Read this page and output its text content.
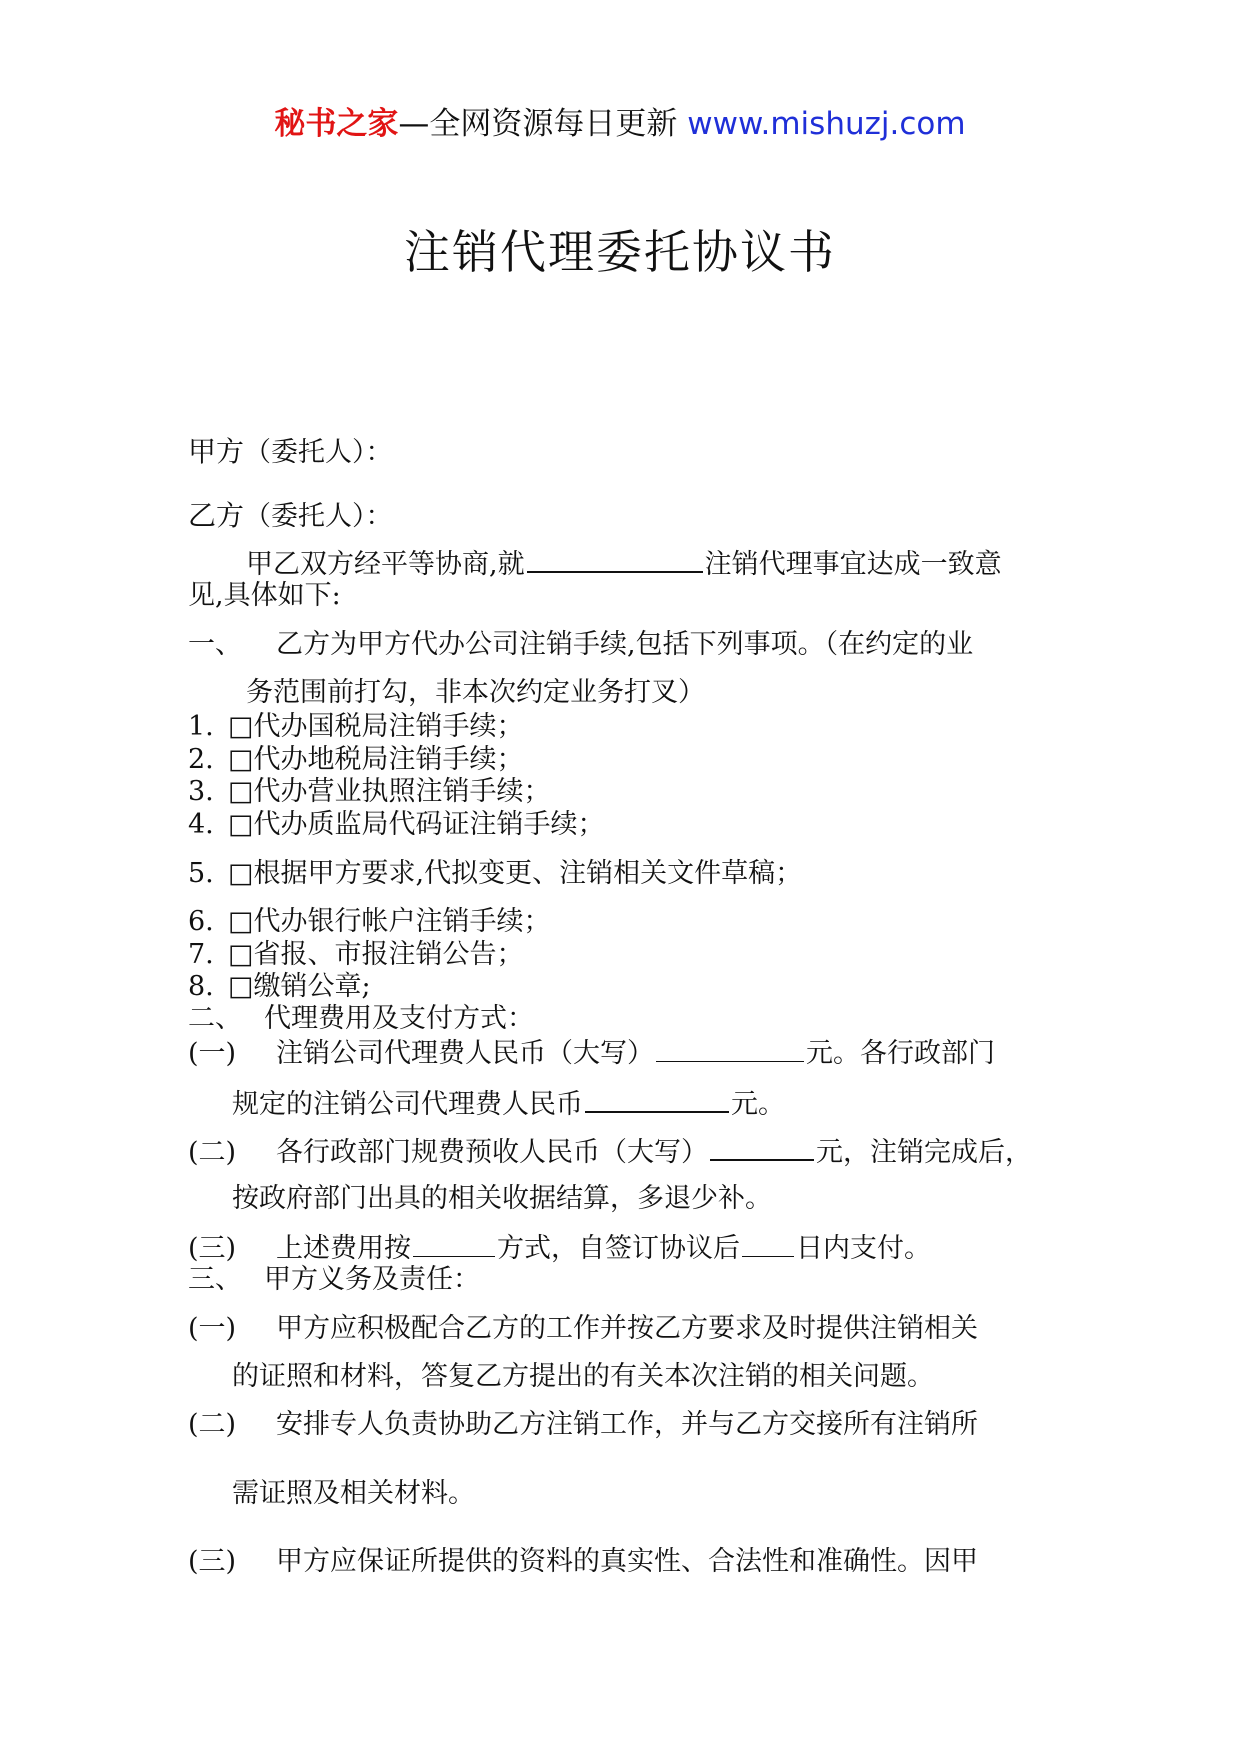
秘书之家—全网资源每日更新 www.mishuzj.com
注销代理委托协议书
甲方（委托人）：
乙方（委托人）：
甲乙双方经平等协商,就	注销代理事宜达成一致意
见,具体如下:
一、 乙方为甲方代办公司注销手续,包括下列事项。（在约定的业
务范围前打勾，非本次约定业务打叉）
1. □代办国税局注销手续；
2. □代办地税局注销手续；
3. □代办营业执照注销手续；
4. □代办质监局代码证注销手续；
5. □根据甲方要求,代拟变更、注销相关文件草稿；
6. □代办银行帐户注销手续；
7. □省报、市报注销公告；
8. □缴销公章;
二、 代理费用及支付方式：
(一) 注销公司代理费人民币（大写）	元。各行政部门
规定的注销公司代理费人民币	元。
(二) 各行政部门规费预收人民币（大写）	元，注销完成后，
按政府部门出具的相关收据结算，多退少补。
(三) 上述费用按	方式，自签订协议后 日内支付。
三、 甲方义务及责任：
(一) 甲方应积极配合乙方的工作并按乙方要求及时提供注销相关
的证照和材料，答复乙方提出的有关本次注销的相关问题。
(二) 安排专人负责协助乙方注销工作，并与乙方交接所有注销所
需证照及相关材料。
(三) 甲方应保证所提供的资料的真实性、合法性和准确性。因甲
